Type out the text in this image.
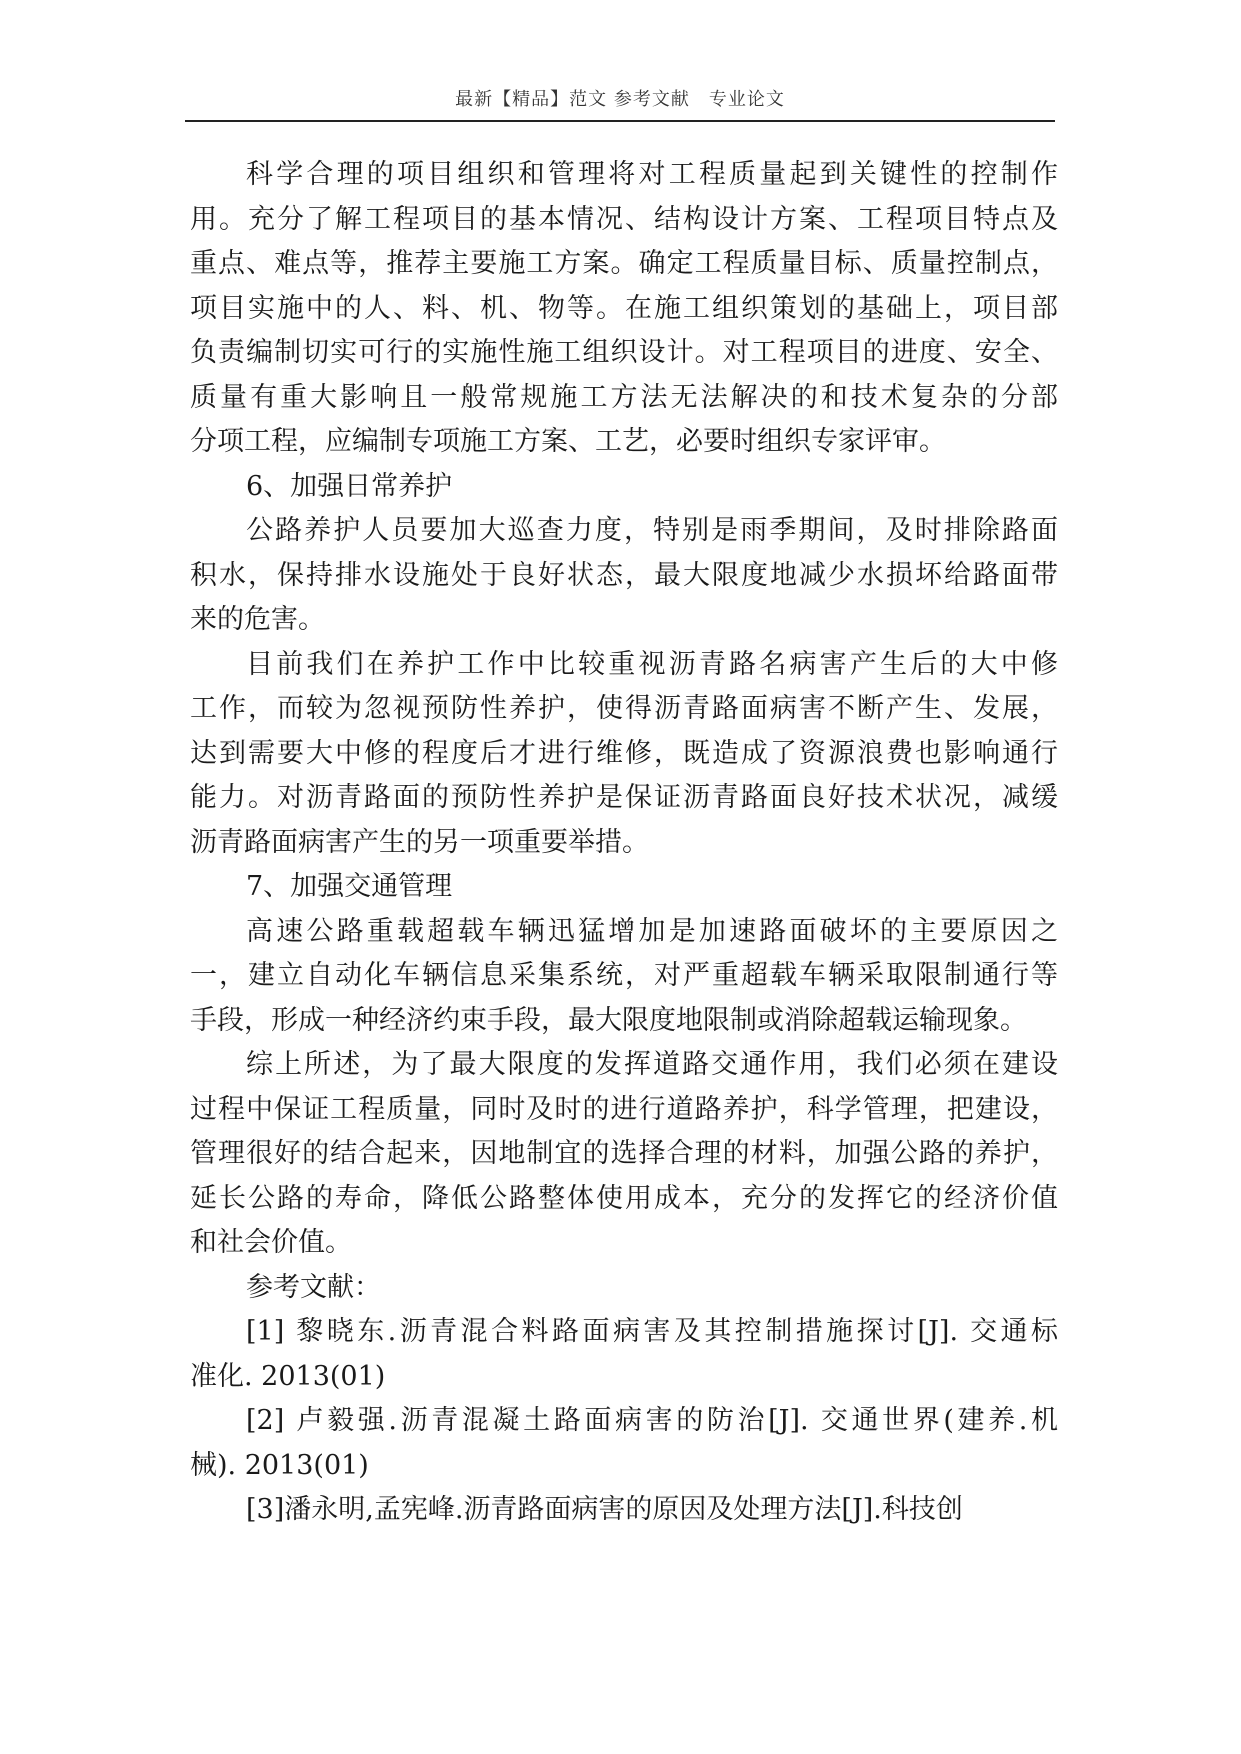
最新【精品】范文 参考文献　专业论文
科学合理的项目组织和管理将对工程质量起到关键性的控制作
用。充分了解工程项目的基本情况、结构设计方案、工程项目特点及
重点、难点等，推荐主要施工方案。确定工程质量目标、质量控制点，
项目实施中的人、料、机、物等。在施工组织策划的基础上，项目部
负责编制切实可行的实施性施工组织设计。对工程项目的进度、安全、
质量有重大影响且一般常规施工方法无法解决的和技术复杂的分部
分项工程，应编制专项施工方案、工艺，必要时组织专家评审。
6、加强日常养护
公路养护人员要加大巡查力度，特别是雨季期间，及时排除路面
积水，保持排水设施处于良好状态，最大限度地减少水损坏给路面带
来的危害。
目前我们在养护工作中比较重视沥青路名病害产生后的大中修
工作，而较为忽视预防性养护，使得沥青路面病害不断产生、发展，
达到需要大中修的程度后才进行维修，既造成了资源浪费也影响通行
能力。对沥青路面的预防性养护是保证沥青路面良好技术状况，减缓
沥青路面病害产生的另一项重要举措。
7、加强交通管理
高速公路重载超载车辆迅猛增加是加速路面破坏的主要原因之
一，建立自动化车辆信息采集系统，对严重超载车辆采取限制通行等
手段，形成一种经济约束手段，最大限度地限制或消除超载运输现象。
综上所述，为了最大限度的发挥道路交通作用，我们必须在建设
过程中保证工程质量，同时及时的进行道路养护，科学管理，把建设，
管理很好的结合起来，因地制宜的选择合理的材料，加强公路的养护，
延长公路的寿命，降低公路整体使用成本，充分的发挥它的经济价值
和社会价值。
参考文献：
[1] 黎晓东.沥青混合料路面病害及其控制措施探讨[J]. 交通标
准化. 2013(01)
[2] 卢毅强.沥青混凝土路面病害的防治[J]. 交通世界(建养.机
械). 2013(01)
[3]潘永明,孟宪峰.沥青路面病害的原因及处理方法[J].科技创
